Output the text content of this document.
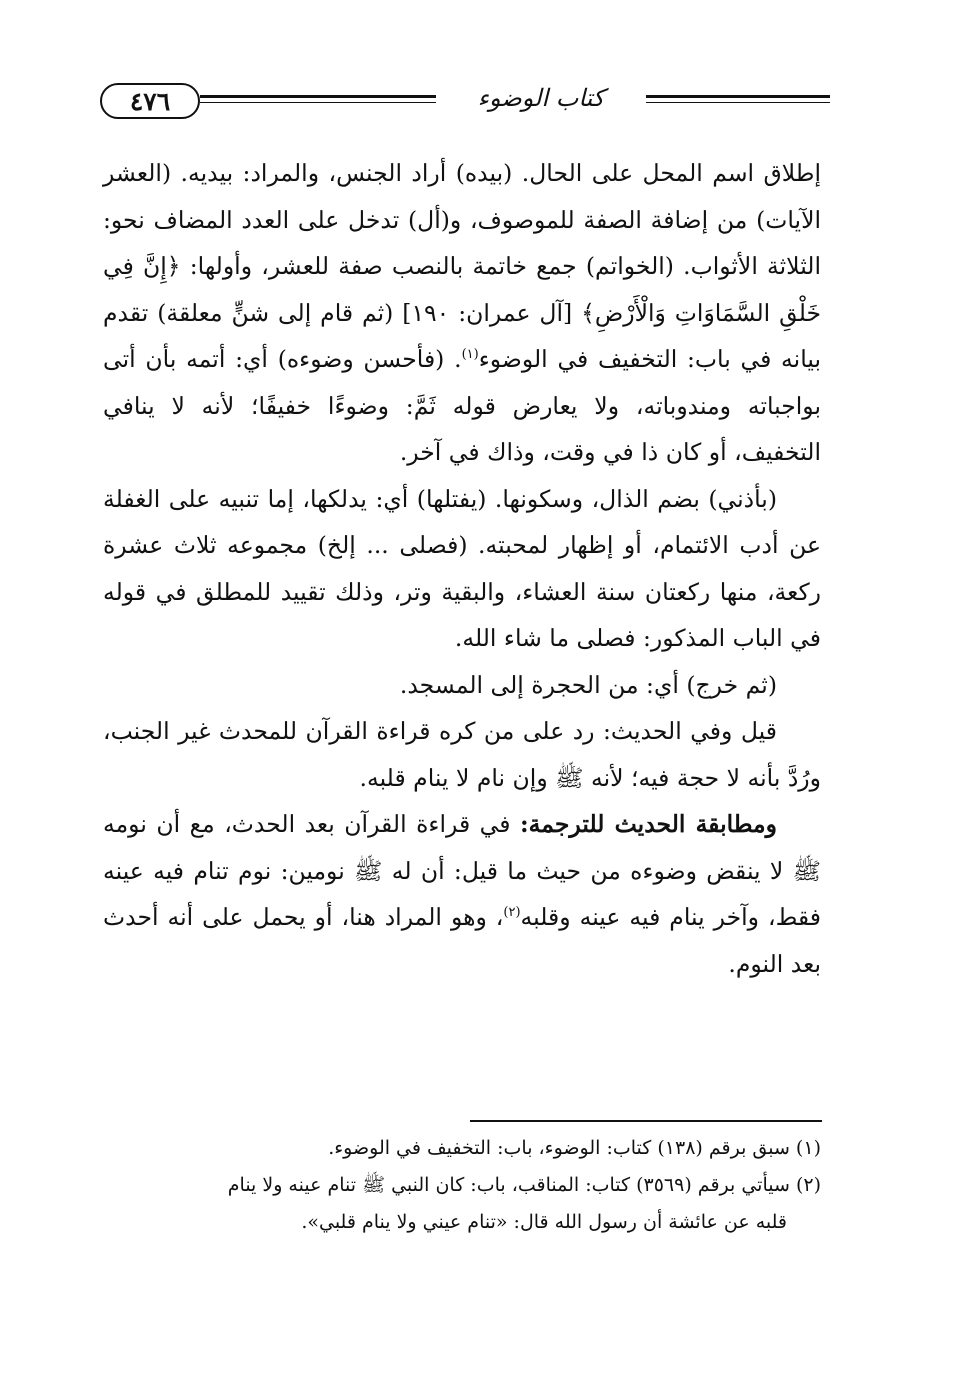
كتاب الوضوء
٤٧٦

إطلاق اسم المحل على الحال. (بيده) أراد الجنس، والمراد: بيديه. (العشر الآيات) من إضافة الصفة للموصوف، و(أل) تدخل على العدد المضاف نحو: الثلاثة الأثواب. (الخواتم) جمع خاتمة بالنصب صفة للعشر، وأولها: ﴿إِنَّ فِي خَلْقِ السَّمَاوَاتِ وَالْأَرْضِ﴾ [آل عمران: ١٩٠] (ثم قام إلى شنٍّ معلقة) تقدم بيانه في باب: التخفيف في الوضوء$^{(١)}$. (فأحسن وضوءه) أي: أتمه بأن أتى بواجباته ومندوباته، ولا يعارض قوله ثَمَّ: وضوءًا خفيفًا؛ لأنه لا ينافي التخفيف، أو كان ذا في وقت، وذاك في آخر.

(بأذني) بضم الذال، وسكونها. (يفتلها) أي: يدلكها، إما تنبيه على الغفلة عن أدب الائتمام، أو إظهار لمحبته. (فصلى ... إلخ) مجموعه ثلاث عشرة ركعة، منها ركعتان سنة العشاء، والبقية وتر، وذلك تقييد للمطلق في قوله في الباب المذكور: فصلى ما شاء الله.

(ثم خرج) أي: من الحجرة إلى المسجد.

قيل وفي الحديث: رد على من كره قراءة القرآن للمحدث غير الجنب، ورُدَّ بأنه لا حجة فيه؛ لأنه ﷺ وإن نام لا ينام قلبه.

ومطابقة الحديث للترجمة: في قراءة القرآن بعد الحدث، مع أن نومه ﷺ لا ينقض وضوءه من حيث ما قيل: أن له ﷺ نومين: نوم تنام فيه عينه فقط، وآخر ينام فيه عينه وقلبه$^{(٢)}$، وهو المراد هنا، أو يحمل على أنه أحدث بعد النوم.

(١) سبق برقم (١٣٨) كتاب: الوضوء، باب: التخفيف في الوضوء.

(٢) سيأتي برقم (٣٥٦٩) كتاب: المناقب، باب: كان النبي ﷺ تنام عينه ولا ينام

قلبه عن عائشة أن رسول الله قال: «تنام عيني ولا ينام قلبي».
